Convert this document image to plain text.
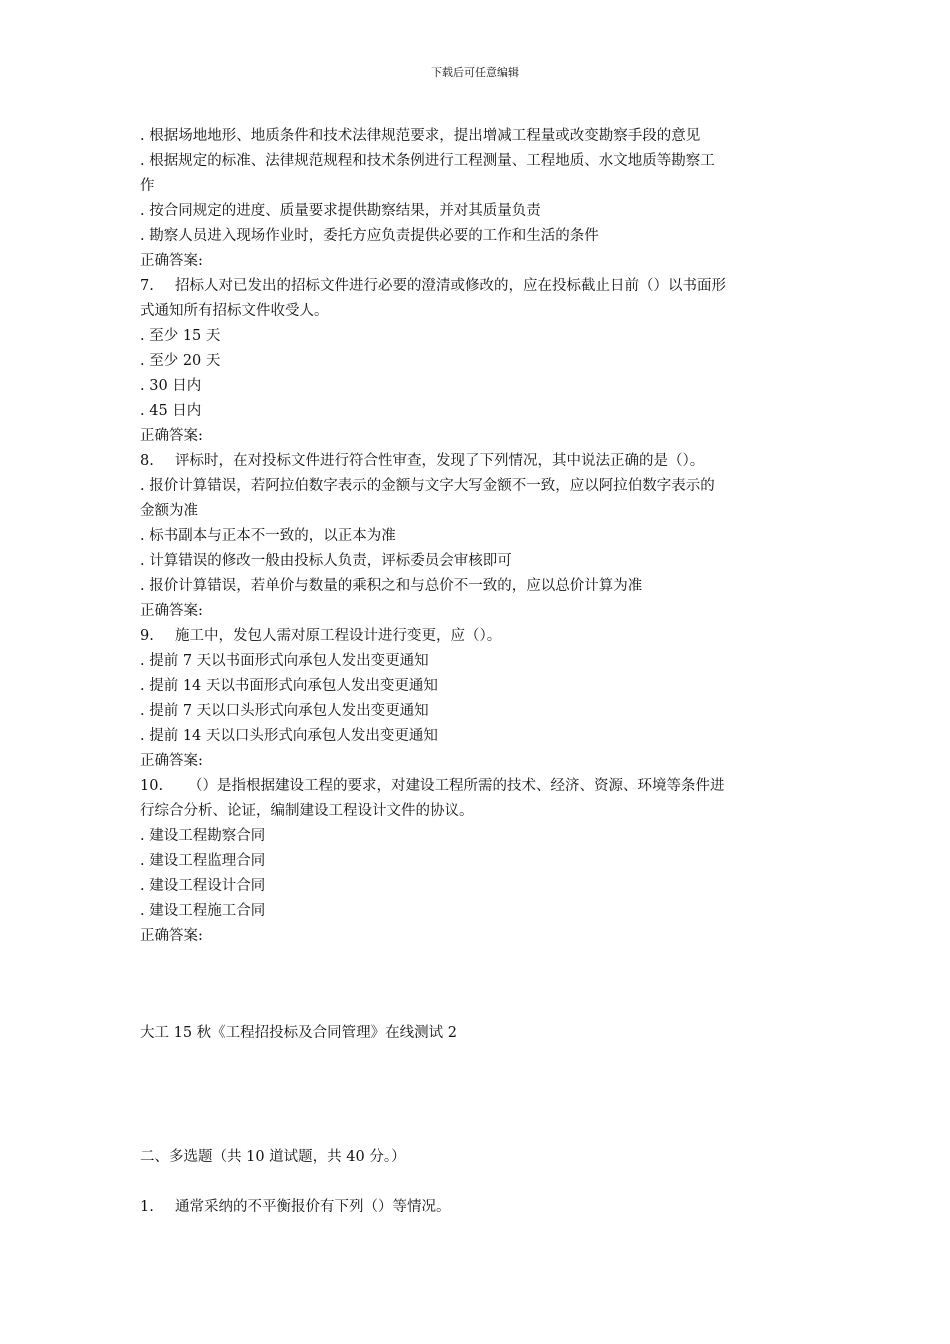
下载后可任意编辑
. 根据场地地形、地质条件和技术法律规范要求，提出增减工程量或改变勘察手段的意见
. 根据规定的标准、法律规范规程和技术条例进行工程测量、工程地质、水文地质等勘察工
作
. 按合同规定的进度、质量要求提供勘察结果，并对其质量负责
. 勘察人员进入现场作业时，委托方应负责提供必要的工作和生活的条件
正确答案:
7. 招标人对已发出的招标文件进行必要的澄清或修改的，应在投标截止日前（）以书面形
式通知所有招标文件收受人。
. 至少 15 天
. 至少 20 天
. 30 日内
. 45 日内
正确答案:
8. 评标时，在对投标文件进行符合性审查，发现了下列情况，其中说法正确的是（）。
. 报价计算错误，若阿拉伯数字表示的金额与文字大写金额不一致，应以阿拉伯数字表示的
金额为准
. 标书副本与正本不一致的，以正本为准
. 计算错误的修改一般由投标人负责，评标委员会审核即可
. 报价计算错误，若单价与数量的乘积之和与总价不一致的，应以总价计算为准
正确答案:
9. 施工中，发包人需对原工程设计进行变更，应（）。
. 提前 7 天以书面形式向承包人发出变更通知
. 提前 14 天以书面形式向承包人发出变更通知
. 提前 7 天以口头形式向承包人发出变更通知
. 提前 14 天以口头形式向承包人发出变更通知
正确答案:
10. （）是指根据建设工程的要求，对建设工程所需的技术、经济、资源、环境等条件进
行综合分析、论证，编制建设工程设计文件的协议。
. 建设工程勘察合同
. 建设工程监理合同
. 建设工程设计合同
. 建设工程施工合同
正确答案:
大工 15 秋《工程招投标及合同管理》在线测试 2
二、多选题（共 10 道试题，共 40 分。）
1. 通常采纳的不平衡报价有下列（）等情况。
